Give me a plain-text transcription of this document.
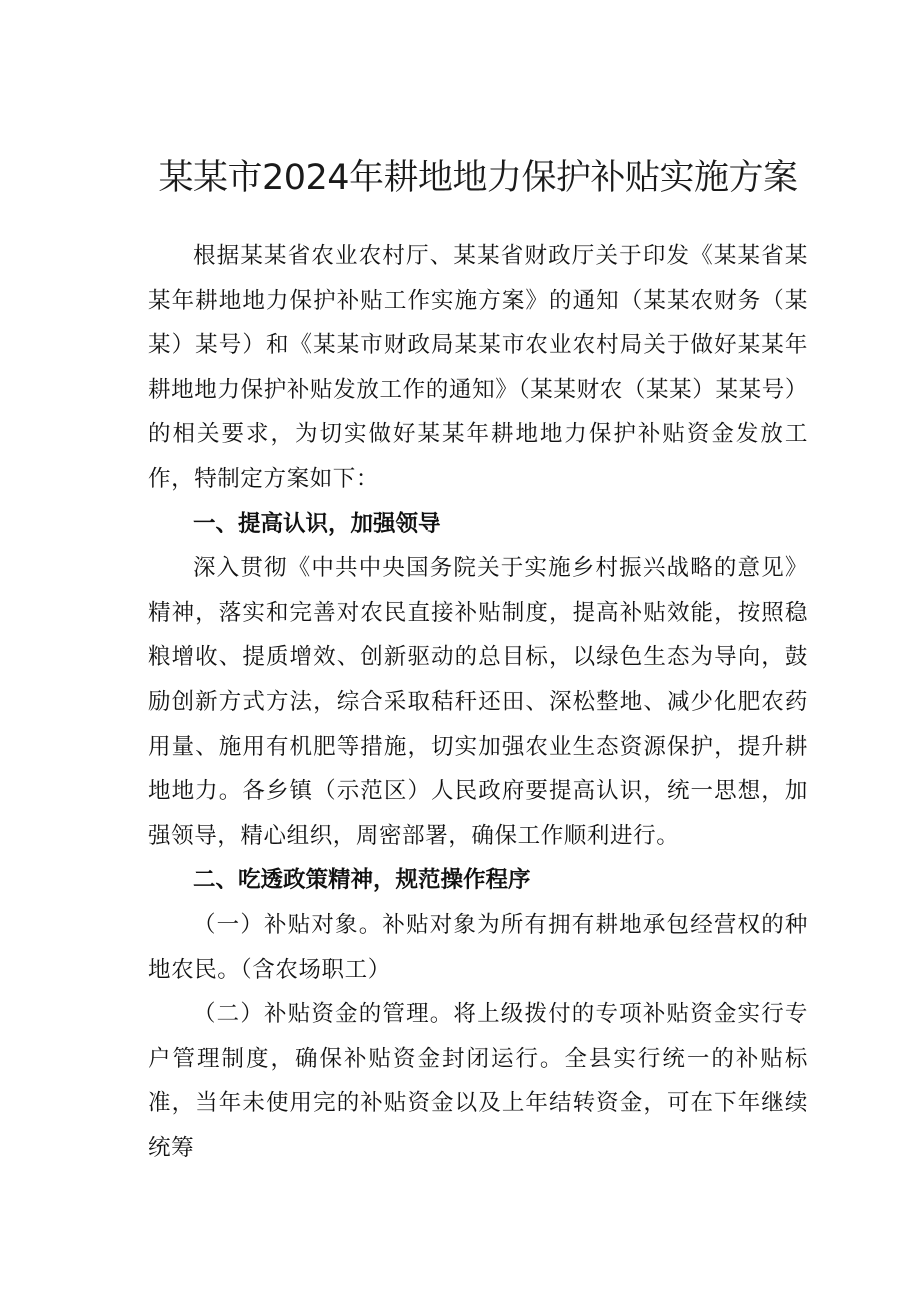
某某市2024年耕地地力保护补贴实施方案

根据某某省农业农村厅、某某省财政厅关于印发《某某省某某年耕地地力保护补贴工作实施方案》的通知（某某农财务（某某）某号）和《某某市财政局某某市农业农村局关于做好某某年耕地地力保护补贴发放工作的通知》（某某财农（某某）某某号）的相关要求，为切实做好某某年耕地地力保护补贴资金发放工作，特制定方案如下：

一、提高认识，加强领导

深入贯彻《中共中央国务院关于实施乡村振兴战略的意见》精神，落实和完善对农民直接补贴制度，提高补贴效能，按照稳粮增收、提质增效、创新驱动的总目标，以绿色生态为导向，鼓励创新方式方法，综合采取秸秆还田、深松整地、减少化肥农药用量、施用有机肥等措施，切实加强农业生态资源保护，提升耕地地力。各乡镇（示范区）人民政府要提高认识，统一思想，加强领导，精心组织，周密部署，确保工作顺利进行。

二、吃透政策精神，规范操作程序

（一）补贴对象。补贴对象为所有拥有耕地承包经营权的种地农民。（含农场职工）

（二）补贴资金的管理。将上级拨付的专项补贴资金实行专户管理制度，确保补贴资金封闭运行。全县实行统一的补贴标准，当年未使用完的补贴资金以及上年结转资金，可在下年继续统筹
